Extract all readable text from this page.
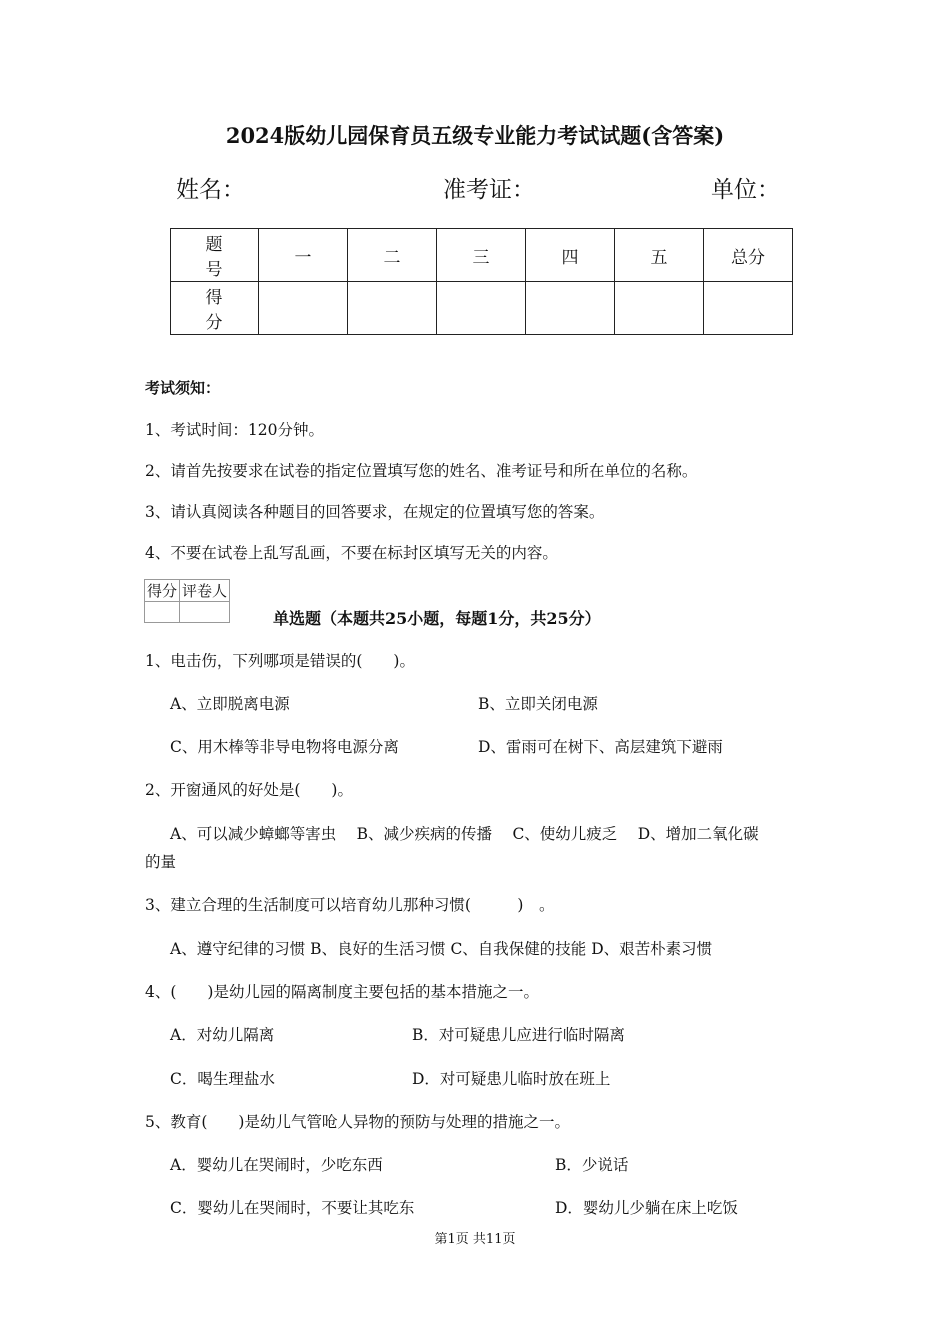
2024版幼儿园保育员五级专业能力考试试题(含答案)
姓名：	准考证：	单位：
题 号	一	二	三	四	五	总分
得 分						
考试须知：
1、考试时间：120分钟。
2、请首先按要求在试卷的指定位置填写您的姓名、准考证号和所在单位的名称。
3、请认真阅读各种题目的回答要求，在规定的位置填写您的答案。
4、不要在试卷上乱写乱画，不要在标封区填写无关的内容。
得分	评卷人

单选题（本题共25小题，每题1分，共25分）
1、电击伤，下列哪项是错误的(　　)。
A、立即脱离电源	B、立即关闭电源
C、用木棒等非导电物将电源分离	D、雷雨可在树下、高层建筑下避雨
2、开窗通风的好处是(　　)。
A、可以减少蟑螂等害虫　 B、减少疾病的传播　 C、使幼儿疲乏　 D、增加二氧化碳
的量
3、建立合理的生活制度可以培育幼儿那种习惯(　　　)　。
A、遵守纪律的习惯 B、良好的生活习惯 C、自我保健的技能 D、艰苦朴素习惯
4、(　　)是幼儿园的隔离制度主要包括的基本措施之一。
A．对幼儿隔离	B．对可疑患儿应进行临时隔离
C．喝生理盐水	D．对可疑患儿临时放在班上
5、教育(　　)是幼儿气管呛人异物的预防与处理的措施之一。
A．婴幼儿在哭闹时，少吃东西	B．少说话
C．婴幼儿在哭闹时，不要让其吃东	D．婴幼儿少躺在床上吃饭
第1页 共11页
